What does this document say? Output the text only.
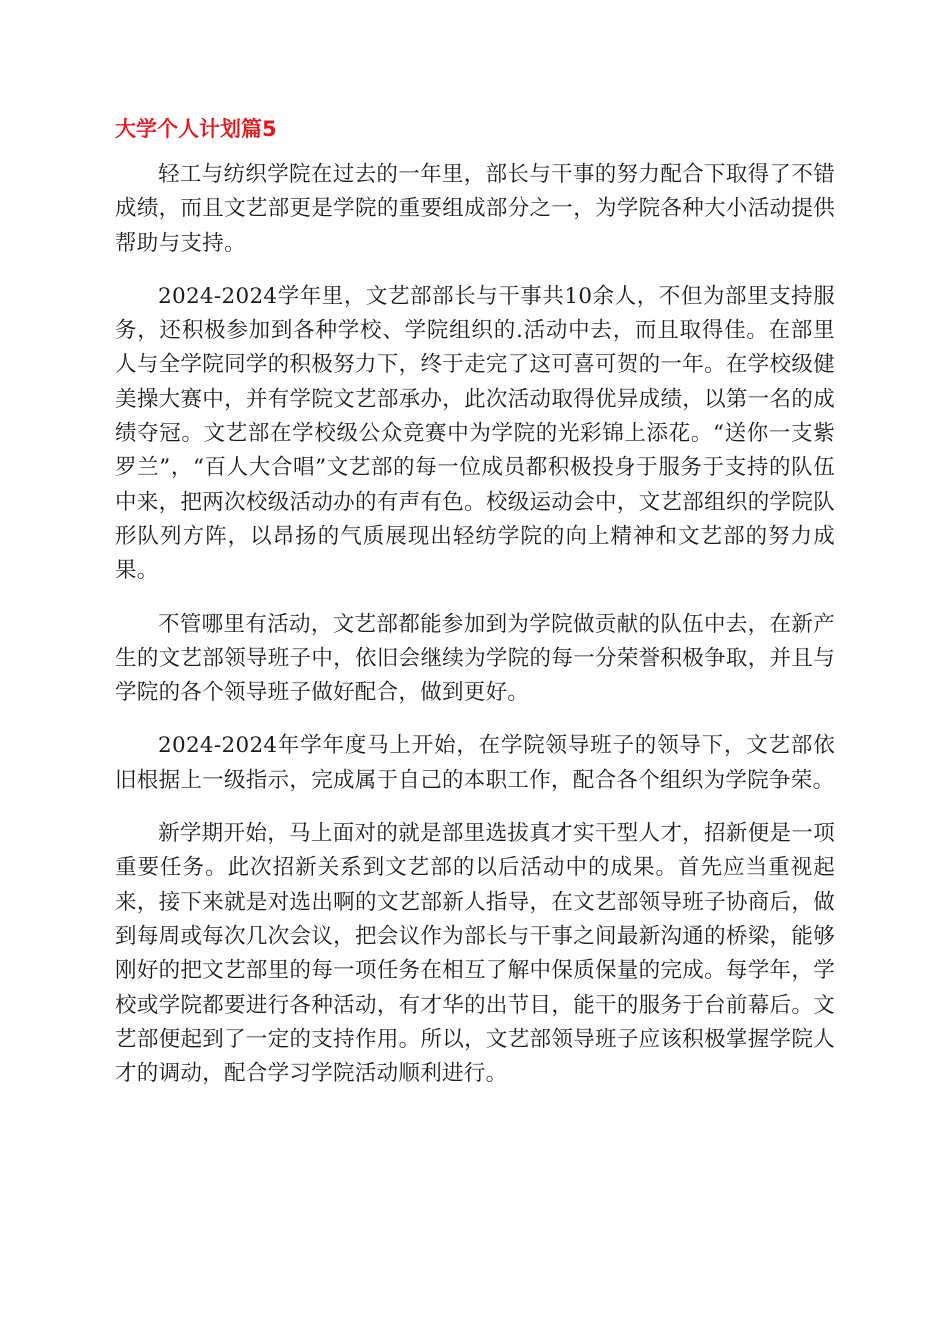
大学个人计划篇5

轻工与纺织学院在过去的一年里，部长与干事的努力配合下取得了不错成绩，而且文艺部更是学院的重要组成部分之一，为学院各种大小活动提供帮助与支持。

2024-2024学年里，文艺部部长与干事共10余人，不但为部里支持服务，还积极参加到各种学校、学院组织的.活动中去，而且取得佳。在部里人与全学院同学的积极努力下，终于走完了这可喜可贺的一年。在学校级健美操大赛中，并有学院文艺部承办，此次活动取得优异成绩，以第一名的成绩夺冠。文艺部在学校级公众竞赛中为学院的光彩锦上添花。“送你一支紫罗兰”，“百人大合唱”文艺部的每一位成员都积极投身于服务于支持的队伍中来，把两次校级活动办的有声有色。校级运动会中，文艺部组织的学院队形队列方阵，以昂扬的气质展现出轻纺学院的向上精神和文艺部的努力成果。

不管哪里有活动，文艺部都能参加到为学院做贡献的队伍中去，在新产生的文艺部领导班子中，依旧会继续为学院的每一分荣誉积极争取，并且与学院的各个领导班子做好配合，做到更好。

2024-2024年学年度马上开始，在学院领导班子的领导下，文艺部依旧根据上一级指示，完成属于自己的本职工作，配合各个组织为学院争荣。

新学期开始，马上面对的就是部里选拔真才实干型人才，招新便是一项重要任务。此次招新关系到文艺部的以后活动中的成果。首先应当重视起来，接下来就是对选出啊的文艺部新人指导，在文艺部领导班子协商后，做到每周或每次几次会议，把会议作为部长与干事之间最新沟通的桥梁，能够刚好的把文艺部里的每一项任务在相互了解中保质保量的完成。每学年，学校或学院都要进行各种活动，有才华的出节目，能干的服务于台前幕后。文艺部便起到了一定的支持作用。所以，文艺部领导班子应该积极掌握学院人才的调动，配合学习学院活动顺利进行。
